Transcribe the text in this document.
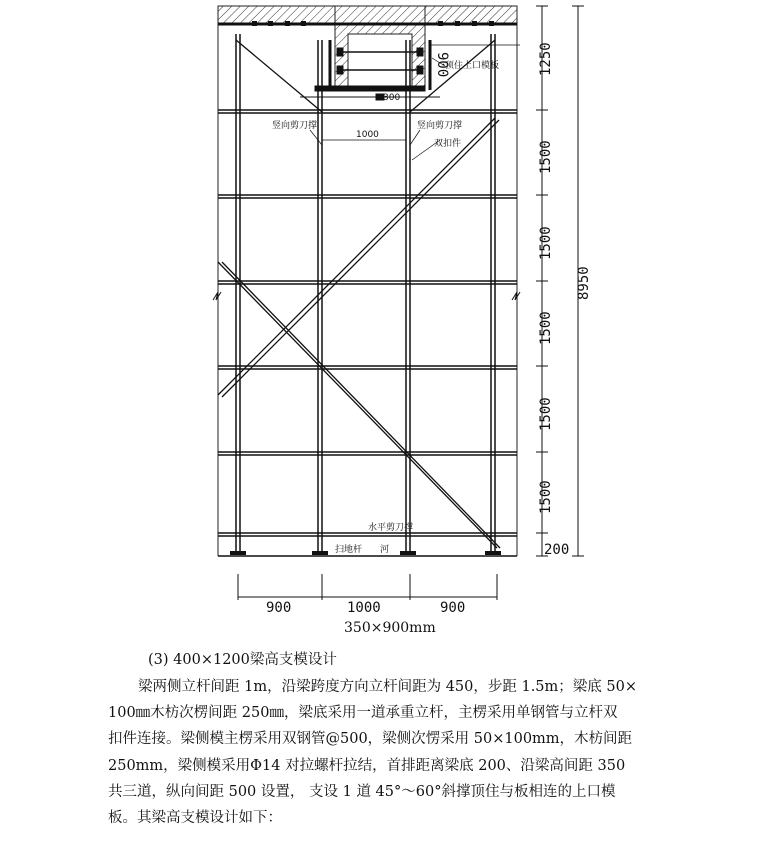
1000
竖向剪刀撑	竖向剪刀撑
双扣件
顶住上口模板
水平剪刀撑
扫地杆 河
300
900	1250
1500
1500
1500
1500
1500
200
8950
900	1000	900
350×900mm
(3) 400×1200梁高支模设计
梁两侧立杆间距 1m，沿梁跨度方向立杆间距为 450，步距 1.5m；梁底 50×
100㎜木枋次楞间距 250㎜，梁底采用一道承重立杆，主楞采用单钢管与立杆双
扣件连接。梁侧模主楞采用双钢管@500，梁侧次愣采用 50×100mm，木枋间距
250mm，梁侧模采用Φ14 对拉螺杆拉结，首排距离梁底 200、沿梁高间距 350
共三道，纵向间距 500 设置， 支设 1 道 45°～60°斜撑顶住与板相连的上口模
板。其梁高支模设计如下：
